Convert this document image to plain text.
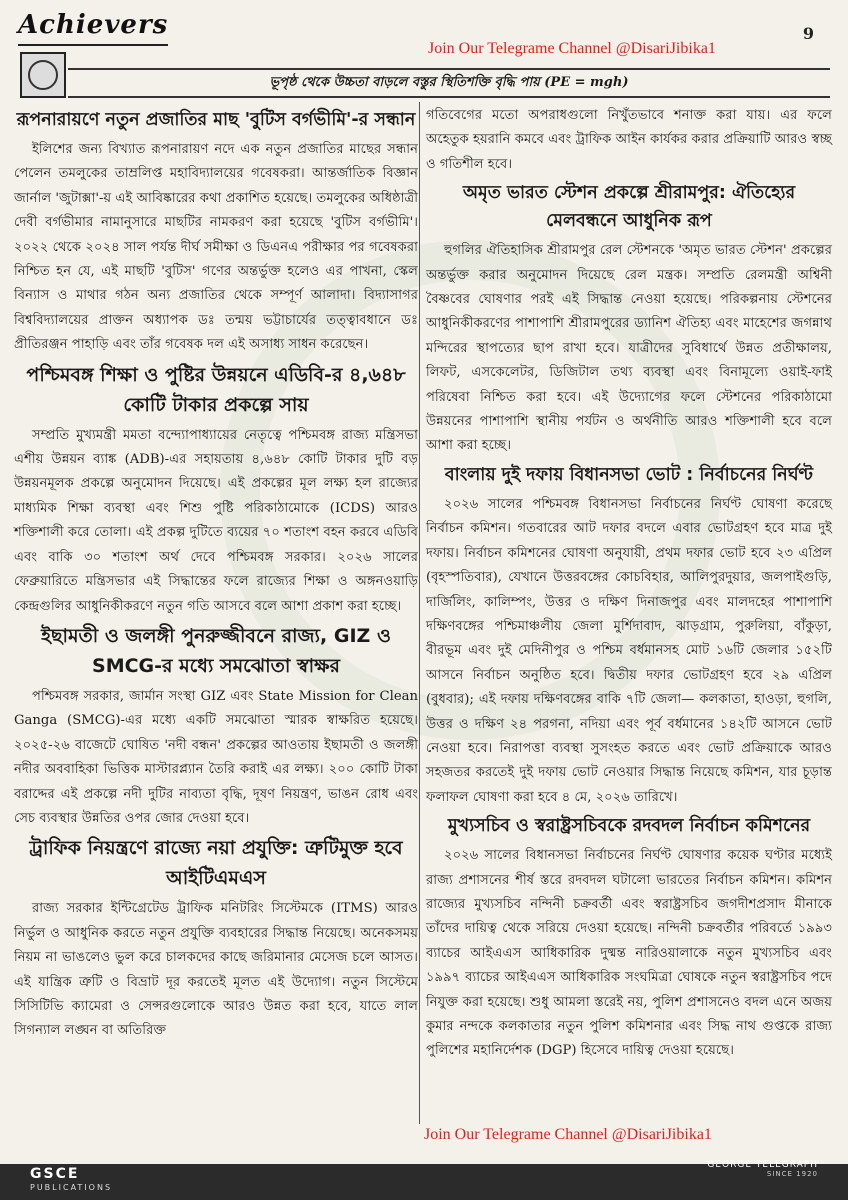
Achievers	9
Join Our Telegrame Channel @DisariJibika1
ভূপৃষ্ঠ থেকে উচ্চতা বাড়লে বস্তুর স্থিতিশক্তি বৃদ্ধি পায় (PE = mgh)
রূপনারায়ণে নতুন প্রজাতির মাছ 'বুটিস বর্গভীমি'-র সন্ধান

ইলিশের জন্য বিখ্যাত রূপনারায়ণ নদে এক নতুন প্রজাতির মাছের সন্ধান পেলেন তমলুকের তাম্রলিপ্ত মহাবিদ্যালয়ের গবেষকরা। আন্তর্জাতিক বিজ্ঞান জার্নাল 'জুটাক্সা'-য় এই আবিষ্কারের কথা প্রকাশিত হয়েছে। তমলুকের অধিষ্ঠাত্রী দেবী বর্গভীমার নামানুসারে মাছটির নামকরণ করা হয়েছে 'বুটিস বর্গভীমি'। ২০২২ থেকে ২০২৪ সাল পর্যন্ত দীর্ঘ সমীক্ষা ও ডিএনএ পরীক্ষার পর গবেষকরা নিশ্চিত হন যে, এই মাছটি 'বুটিস' গণের অন্তর্ভুক্ত হলেও এর পাখনা, স্কেল বিন্যাস ও মাথার গঠন অন্য প্রজাতির থেকে সম্পূর্ণ আলাদা। বিদ্যাসাগর বিশ্ববিদ্যালয়ের প্রাক্তন অধ্যাপক ডঃ তন্ময় ভট্টাচার্যের তত্ত্বাবধানে ডঃ প্রীতিরঞ্জন পাহাড়ি এবং তাঁর গবেষক দল এই অসাধ্য সাধন করেছেন।

পশ্চিমবঙ্গ শিক্ষা ও পুষ্টির উন্নয়নে এডিবি-র ৪,৬৪৮ কোটি টাকার প্রকল্পে সায়

সম্প্রতি মুখ্যমন্ত্রী মমতা বন্দ্যোপাধ্যায়ের নেতৃত্বে পশ্চিমবঙ্গ রাজ্য মন্ত্রিসভা এশীয় উন্নয়ন ব্যাঙ্ক (ADB)-এর সহায়তায় ৪,৬৪৮ কোটি টাকার দুটি বড় উন্নয়নমূলক প্রকল্পে অনুমোদন দিয়েছে। এই প্রকল্পের মূল লক্ষ্য হল রাজ্যের মাধ্যমিক শিক্ষা ব্যবস্থা এবং শিশু পুষ্টি পরিকাঠামোকে (ICDS) আরও শক্তিশালী করে তোলা। এই প্রকল্প দুটিতে ব্যয়ের ৭০ শতাংশ বহন করবে এডিবি এবং বাকি ৩০ শতাংশ অর্থ দেবে পশ্চিমবঙ্গ সরকার। ২০২৬ সালের ফেব্রুয়ারিতে মন্ত্রিসভার এই সিদ্ধান্তের ফলে রাজ্যের শিক্ষা ও অঙ্গনওয়াড়ি কেন্দ্রগুলির আধুনিকীকরণে নতুন গতি আসবে বলে আশা প্রকাশ করা হচ্ছে।

ইছামতী ও জলঙ্গী পুনরুজ্জীবনে রাজ্য, GIZ ও SMCG-র মধ্যে সমঝোতা স্বাক্ষর

পশ্চিমবঙ্গ সরকার, জার্মান সংস্থা GIZ এবং State Mission for Clean Ganga (SMCG)-এর মধ্যে একটি সমঝোতা স্মারক স্বাক্ষরিত হয়েছে। ২০২৫-২৬ বাজেটে ঘোষিত 'নদী বন্ধন' প্রকল্পের আওতায় ইছামতী ও জলঙ্গী নদীর অববাহিকা ভিত্তিক মাস্টারপ্ল্যান তৈরি করাই এর লক্ষ্য। ২০০ কোটি টাকা বরাদ্দের এই প্রকল্পে নদী দুটির নাব্যতা বৃদ্ধি, দূষণ নিয়ন্ত্রণ, ভাঙন রোধ এবং সেচ ব্যবস্থার উন্নতির ওপর জোর দেওয়া হবে।

ট্রাফিক নিয়ন্ত্রণে রাজ্যে নয়া প্রযুক্তি: ত্রুটিমুক্ত হবে আইটিএমএস

রাজ্য সরকার ইন্টিগ্রেটেড ট্রাফিক মনিটরিং সিস্টেমকে (ITMS) আরও নির্ভুল ও আধুনিক করতে নতুন প্রযুক্তি ব্যবহারের সিদ্ধান্ত নিয়েছে। অনেকসময় নিয়ম না ভাঙলেও ভুল করে চালকদের কাছে জরিমানার মেসেজ চলে আসত। এই যান্ত্রিক ত্রুটি ও বিভ্রাট দূর করতেই মূলত এই উদ্যোগ। নতুন সিস্টেমে সিসিটিভি ক্যামেরা ও সেন্সরগুলোকে আরও উন্নত করা হবে, যাতে লাল সিগন্যাল লঙ্ঘন বা অতিরিক্ত

গতিবেগের মতো অপরাধগুলো নিখুঁতভাবে শনাক্ত করা যায়। এর ফলে অহেতুক হয়রানি কমবে এবং ট্রাফিক আইন কার্যকর করার প্রক্রিয়াটি আরও স্বচ্ছ ও গতিশীল হবে।

অমৃত ভারত স্টেশন প্রকল্পে শ্রীরামপুর: ঐতিহ্যের মেলবন্ধনে আধুনিক রূপ

হুগলির ঐতিহাসিক শ্রীরামপুর রেল স্টেশনকে 'অমৃত ভারত স্টেশন' প্রকল্পের অন্তর্ভুক্ত করার অনুমোদন দিয়েছে রেল মন্ত্রক। সম্প্রতি রেলমন্ত্রী অশ্বিনী বৈষ্ণবের ঘোষণার পরই এই সিদ্ধান্ত নেওয়া হয়েছে। পরিকল্পনায় স্টেশনের আধুনিকীকরণের পাশাপাশি শ্রীরামপুরের ড্যানিশ ঐতিহ্য এবং মাহেশের জগন্নাথ মন্দিরের স্থাপত্যের ছাপ রাখা হবে। যাত্রীদের সুবিধার্থে উন্নত প্রতীক্ষালয়, লিফট, এসকেলেটর, ডিজিটাল তথ্য ব্যবস্থা এবং বিনামূল্যে ওয়াই-ফাই পরিষেবা নিশ্চিত করা হবে। এই উদ্যোগের ফলে স্টেশনের পরিকাঠামো উন্নয়নের পাশাপাশি স্থানীয় পর্যটন ও অর্থনীতি আরও শক্তিশালী হবে বলে আশা করা হচ্ছে।

বাংলায় দুই দফায় বিধানসভা ভোট : নির্বাচনের নির্ঘণ্ট

২০২৬ সালের পশ্চিমবঙ্গ বিধানসভা নির্বাচনের নির্ঘণ্ট ঘোষণা করেছে নির্বাচন কমিশন। গতবারের আট দফার বদলে এবার ভোটগ্রহণ হবে মাত্র দুই দফায়। নির্বাচন কমিশনের ঘোষণা অনুযায়ী, প্রথম দফার ভোট হবে ২৩ এপ্রিল (বৃহস্পতিবার), যেখানে উত্তরবঙ্গের কোচবিহার, আলিপুরদুয়ার, জলপাইগুড়ি, দার্জিলিং, কালিম্পং, উত্তর ও দক্ষিণ দিনাজপুর এবং মালদহের পাশাপাশি দক্ষিণবঙ্গের পশ্চিমাঞ্চলীয় জেলা মুর্শিদাবাদ, ঝাড়গ্রাম, পুরুলিয়া, বাঁকুড়া, বীরভূম এবং দুই মেদিনীপুর ও পশ্চিম বর্ধমানসহ মোট ১৬টি জেলার ১৫২টি আসনে নির্বাচন অনুষ্ঠিত হবে। দ্বিতীয় দফার ভোটগ্রহণ হবে ২৯ এপ্রিল (বুধবার); এই দফায় দক্ষিণবঙ্গের বাকি ৭টি জেলা— কলকাতা, হাওড়া, হুগলি, উত্তর ও দক্ষিণ ২৪ পরগনা, নদিয়া এবং পূর্ব বর্ধমানের ১৪২টি আসনে ভোট নেওয়া হবে। নিরাপত্তা ব্যবস্থা সুসংহত করতে এবং ভোট প্রক্রিয়াকে আরও সহজতর করতেই দুই দফায় ভোট নেওয়ার সিদ্ধান্ত নিয়েছে কমিশন, যার চূড়ান্ত ফলাফল ঘোষণা করা হবে ৪ মে, ২০২৬ তারিখে।

মুখ্যসচিব ও স্বরাষ্ট্রসচিবকে রদবদল নির্বাচন কমিশনের

২০২৬ সালের বিধানসভা নির্বাচনের নির্ঘণ্ট ঘোষণার কয়েক ঘণ্টার মধ্যেই রাজ্য প্রশাসনের শীর্ষ স্তরে রদবদল ঘটালো ভারতের নির্বাচন কমিশন। কমিশন রাজ্যের মুখ্যসচিব নন্দিনী চক্রবর্তী এবং স্বরাষ্ট্রসচিব জগদীশপ্রসাদ মীনাকে তাঁদের দায়িত্ব থেকে সরিয়ে দেওয়া হয়েছে। নন্দিনী চক্রবর্তীর পরিবর্তে ১৯৯৩ ব্যাচের আইএএস আধিকারিক দুষ্মন্ত নারিওয়ালাকে নতুন মুখ্যসচিব এবং ১৯৯৭ ব্যাচের আইএএস আধিকারিক সংঘমিত্রা ঘোষকে নতুন স্বরাষ্ট্রসচিব পদে নিযুক্ত করা হয়েছে। শুধু আমলা স্তরেই নয়, পুলিশ প্রশাসনেও বদল এনে অজয় কুমার নন্দকে কলকাতার নতুন পুলিশ কমিশনার এবং সিদ্ধ নাথ গুপ্তকে রাজ্য পুলিশের মহানির্দেশক (DGP) হিসেবে দায়িত্ব দেওয়া হয়েছে।

Join Our Telegrame Channel @DisariJibika1
GSCE
PUBLICATIONS
GEORGE TELEGRAPH
SINCE 1920
